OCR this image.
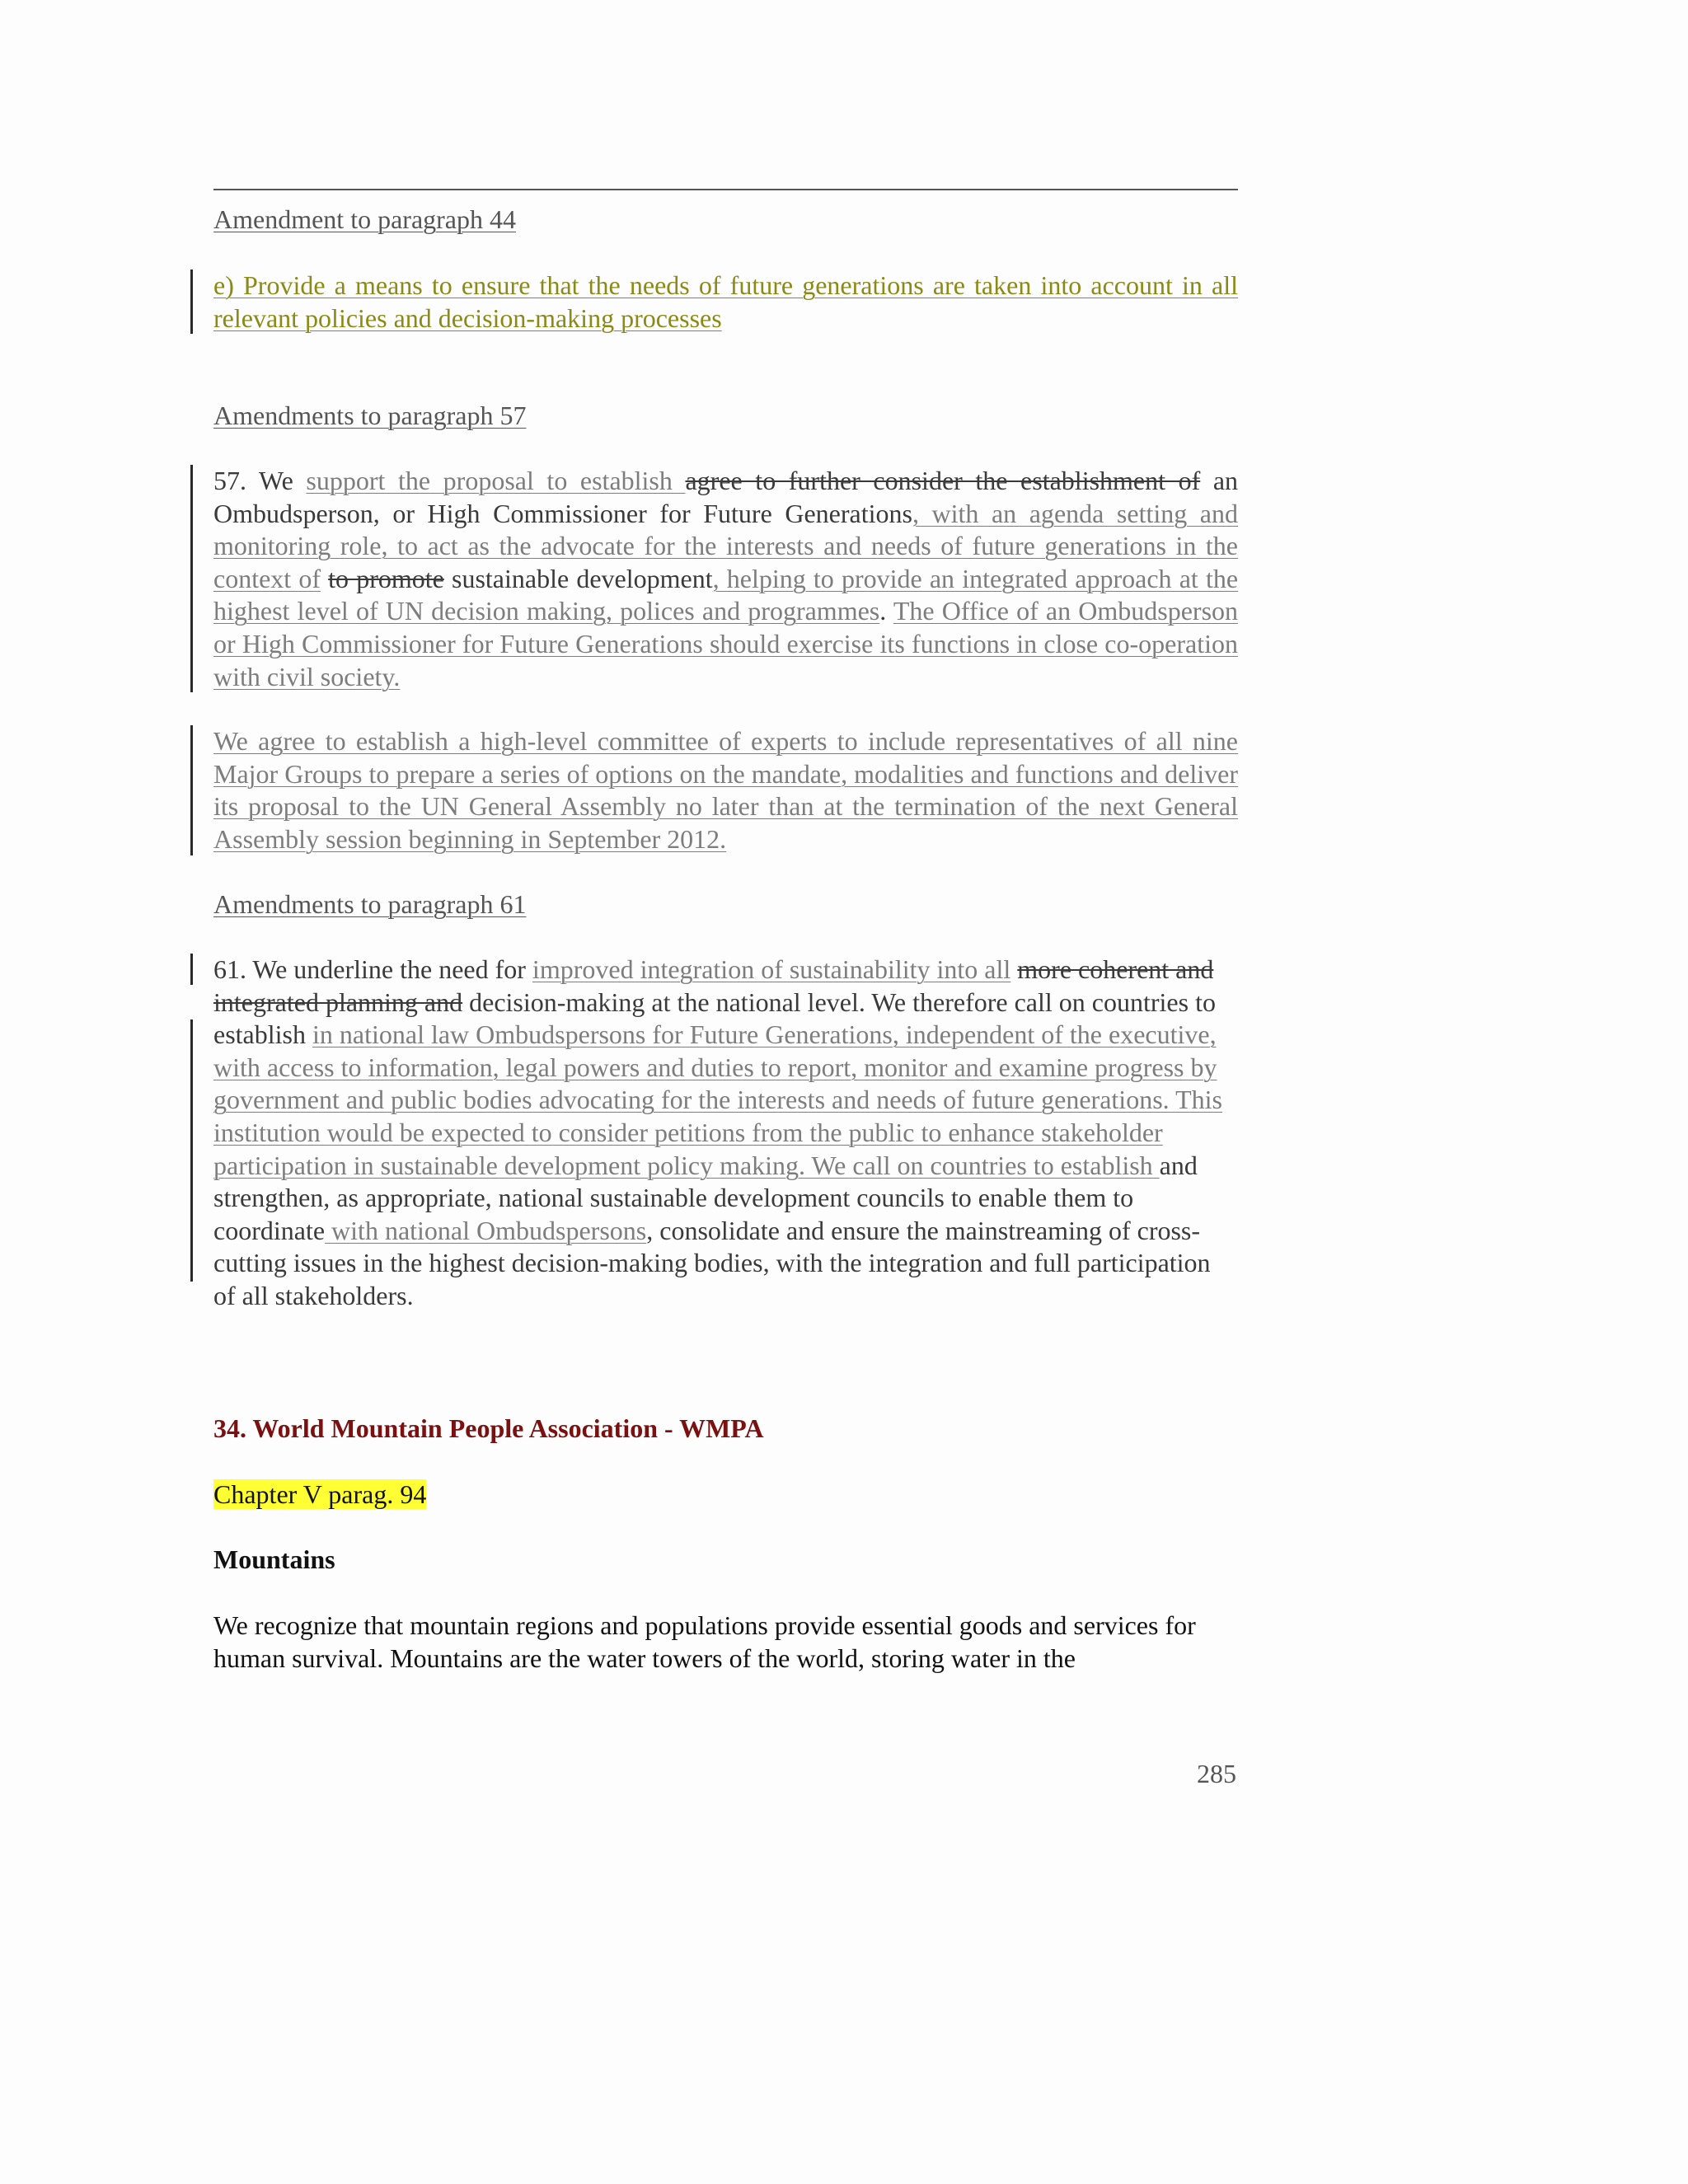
Amendment to paragraph 44

e) Provide a means to ensure that the needs of future generations are taken into account in all relevant policies and decision-making processes

Amendments to paragraph 57

57. We support the proposal to establish agree to further consider the establishment of an Ombudsperson, or High Commissioner for Future Generations, with an agenda setting and monitoring role, to act as the advocate for the interests and needs of future generations in the context of to promote sustainable development, helping to provide an integrated approach at the highest level of UN decision making, polices and programmes. The Office of an Ombudsperson or High Commissioner for Future Generations should exercise its functions in close co-operation with civil society.

We agree to establish a high-level committee of experts to include representatives of all nine Major Groups to prepare a series of options on the mandate, modalities and functions and deliver its proposal to the UN General Assembly no later than at the termination of the next General Assembly session beginning in September 2012.

Amendments to paragraph 61

61. We underline the need for improved integration of sustainability into all more coherent and integrated planning and decision-making at the national level. We therefore call on countries to establish in national law Ombudspersons for Future Generations, independent of the executive, with access to information, legal powers and duties to report, monitor and examine progress by government and public bodies advocating for the interests and needs of future generations. This institution would be expected to consider petitions from the public to enhance stakeholder participation in sustainable development policy making. We call on countries to establish and strengthen, as appropriate, national sustainable development councils to enable them to coordinate with national Ombudspersons, consolidate and ensure the mainstreaming of cross-cutting issues in the highest decision-making bodies, with the integration and full participation of all stakeholders.

34. World Mountain People Association - WMPA

Chapter V parag. 94

Mountains

We recognize that mountain regions and populations provide essential goods and services for human survival. Mountains are the water towers of the world, storing water in the

285
